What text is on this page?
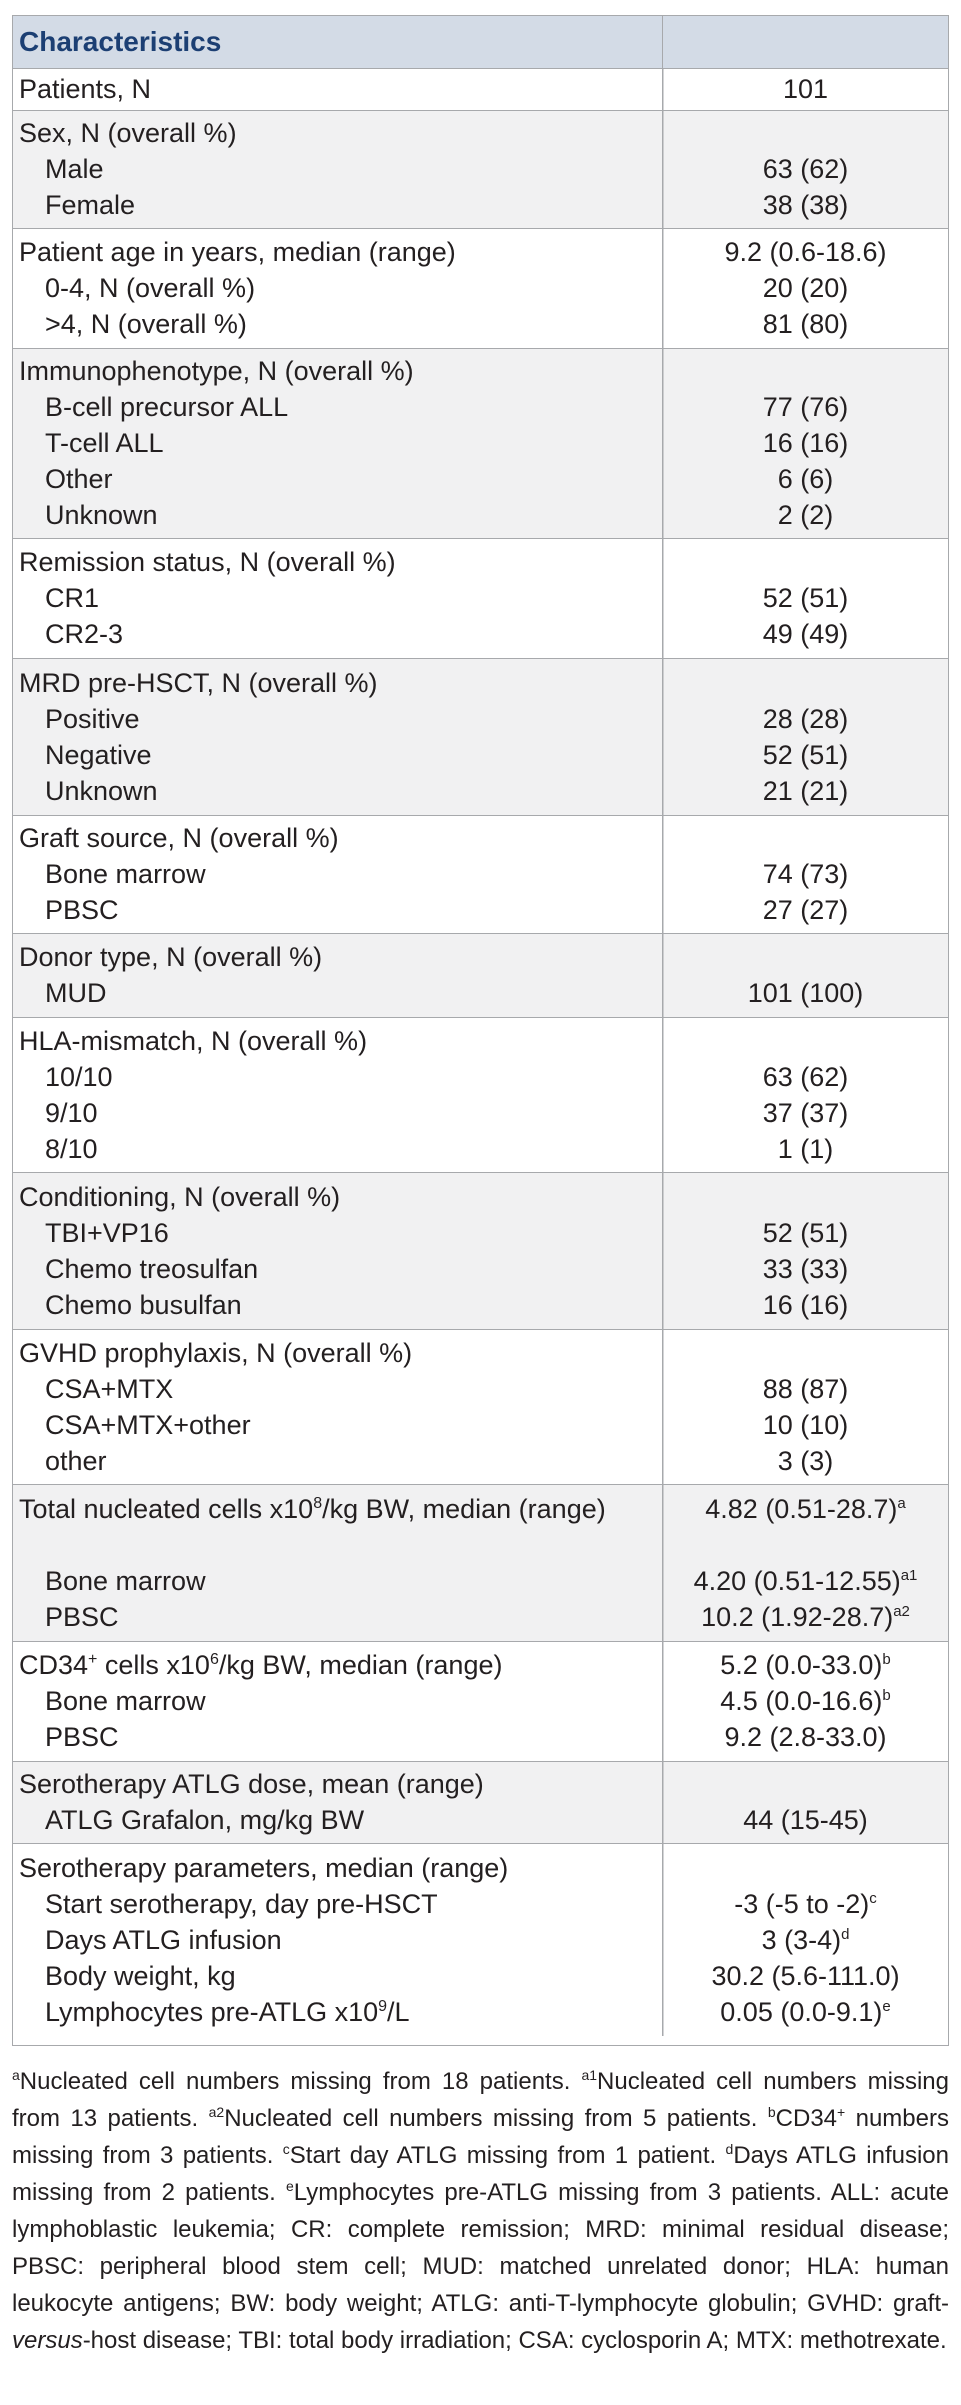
Characteristics
Patients, N	101
Sex, N (overall %)
Male	63 (62)
Female	38 (38)
Patient age in years, median (range)	9.2 (0.6-18.6)
0-4, N (overall %)	20 (20)
>4, N (overall %)	81 (80)
Immunophenotype, N (overall %)
B-cell precursor ALL	77 (76)
T-cell ALL	16 (16)
Other	6 (6)
Unknown	2 (2)
Remission status, N (overall %)
CR1	52 (51)
CR2-3	49 (49)
MRD pre-HSCT, N (overall %)
Positive	28 (28)
Negative	52 (51)
Unknown	21 (21)
Graft source, N (overall %)
Bone marrow	74 (73)
PBSC	27 (27)
Donor type, N (overall %)
MUD	101 (100)
HLA-mismatch, N (overall %)
10/10	63 (62)
9/10	37 (37)
8/10	1 (1)
Conditioning, N (overall %)
TBI+VP16	52 (51)
Chemo treosulfan	33 (33)
Chemo busulfan	16 (16)
GVHD prophylaxis, N (overall %)
CSA+MTX	88 (87)
CSA+MTX+other	10 (10)
other	3 (3)
Total nucleated cells $x10^8/kg$ BW, median (range)	4.82 (0.51-28.7)$^a$
Bone marrow	4.20 (0.51-12.55)$^{a1}$
PBSC	10.2 (1.92-28.7)$^{a2}$
CD34+ cells $x10^6/kg$ BW, median (range)	5.2 (0.0-33.0)$^b$
Bone marrow	4.5 (0.0-16.6)$^b$
PBSC	9.2 (2.8-33.0)
Serotherapy ATLG dose, mean (range)
ATLG Grafalon, mg/kg BW	44 (15-45)
Serotherapy parameters, median (range)
Start serotherapy, day pre-HSCT	-3 (-5 to -2)$^c$
Days ATLG infusion	3 (3-4)$^d$
Body weight, kg	30.2 (5.6-111.0)
Lymphocytes pre-ATLG $x10^9/L$	0.05 (0.0-9.1)$^e$

$^a$Nucleated cell numbers missing from 18 patients. $^{a1}$Nucleated cell numbers missing from 13 patients. $^{a2}$Nucleated cell numbers missing from 5 patients. $^b$CD34+ numbers missing from 3 patients. $^c$Start day ATLG missing from 1 patient. $^d$Days ATLG infusion missing from 2 patients. $^e$Lymphocytes pre-ATLG missing from 3 patients. ALL: acute lymphoblastic leukemia; CR: complete remission; MRD: minimal residual disease; PBSC: peripheral blood stem cell; MUD: matched unrelated donor; HLA: human leukocyte antigens; BW: body weight; ATLG: anti-T-lymphocyte globulin; GVHD: graft-versus-host disease; TBI: total body irradiation; CSA: cyclosporin A; MTX: methotrexate.
